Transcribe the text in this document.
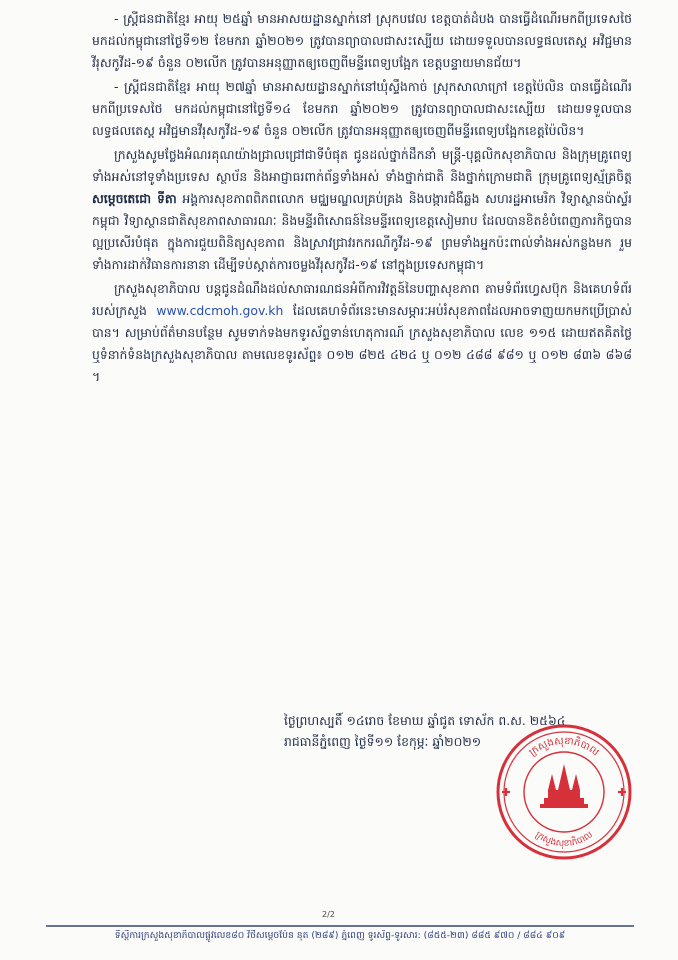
- ស្ត្រីជនជាតិខ្មែរ អាយុ ២៥ឆ្នាំ មានអាសយដ្ឋានស្នាក់នៅ ស្រុកបវេល ខេត្តបាត់ដំបង បានធ្វើដំណើរមកពីប្រទេសថៃ មកដល់កម្ពុជានៅថ្ងៃទី១២ ខែមករា ឆ្នាំ២០២១ ត្រូវបានព្យាបាលជាសះស្បើយ ដោយទទួលបានលទ្ធផលតេស្ត អវិជ្ជមានវីរុសកូវីដ-១៩ ចំនួន ០២លើក ត្រូវបានអនុញ្ញាតឲ្យចេញពីមន្ទីរពេទ្យបង្អែក ខេត្តបន្ទាយមានជ័យ។

- ស្ត្រីជនជាតិខ្មែរ អាយុ ២៧ឆ្នាំ មានអាសយដ្ឋានស្នាក់នៅឃុំស្ទឹងកាច់ ស្រុកសាលាក្រៅ ខេត្តប៉ៃលិន បានធ្វើដំណើរមកពីប្រទេសថៃ មកដល់កម្ពុជានៅថ្ងៃទី១៤ ខែមករា ឆ្នាំ២០២១ ត្រូវបានព្យាបាលជាសះស្បើយ ដោយទទួលបានលទ្ធផលតេស្ត អវិជ្ជមានវីរុសកូវីដ-១៩ ចំនួន ០២លើក ត្រូវបានអនុញ្ញាតឲ្យចេញពីមន្ទីរពេទ្យបង្អែកខេត្តប៉ៃលិន។

ក្រសួងសូមថ្លែងអំណរគុណយ៉ាងជ្រាលជ្រៅជាទីបំផុត ជូនដល់ថ្នាក់ដឹកនាំ មន្ត្រី-បុគ្គលិកសុខាភិបាល និងក្រុមគ្រូពេទ្យទាំងអស់នៅទូទាំងប្រទេស ស្ថាប័ន និងអាជ្ញាធរពាក់ព័ន្ធទាំងអស់ ទាំងថ្នាក់ជាតិ និងថ្នាក់ក្រោមជាតិ ក្រុមគ្រូពេទ្យស្ម័គ្រចិត្ត សម្តេចតេជោ ទីតា អង្គការសុខភាពពិភពលោក មជ្ឈមណ្ឌលគ្រប់គ្រង និងបង្ការជំងឺឆ្លង សហរដ្ឋអាមេរិក វិទ្យាស្ថានប៉ាស្ទ័រកម្ពុជា វិទ្យាស្ថានជាតិសុខភាពសាធារណៈ និងមន្ទីរពិសោធន៍នៃមន្ទីរពេទ្យខេត្តសៀមរាប ដែលបានខិតខំបំពេញភារកិច្ចបានល្អប្រសើរបំផុត ក្នុងការជួយពិនិត្យសុខភាព និងស្រាវជ្រាវរកករណីកូវីដ-១៩ ព្រមទាំងអ្នកប៉ះពាល់ទាំងអស់កន្លងមក រួមទាំងការដាក់វិធានការនានា ដើម្បីទប់ស្កាត់ការចម្លងវីរុសកូវីដ-១៩ នៅក្នុងប្រទេសកម្ពុជា។

ក្រសួងសុខាភិបាល បន្តជូនដំណឹងដល់សាធារណជនអំពីការវិវត្តន៍នៃបញ្ហាសុខភាព តាមទំព័រហ្វេសប៊ុក និងគេហទំព័ររបស់ក្រសួង www.cdcmoh.gov.kh ដែលគេហទំព័រនេះមានសម្ភារៈអប់រំសុខភាពដែលអាចទាញយកមកប្រើប្រាស់បាន។ សម្រាប់ព័ត៌មានបន្ថែម សូមទាក់ទងមកទូរស័ព្ទទាន់ហេតុការណ៍ ក្រសួងសុខាភិបាល លេខ ១១៥ ដោយឥតគិតថ្លៃ ឬទំនាក់ទំនងក្រសួងសុខាភិបាល តាមលេខទូរស័ព្ទ៖ ០១២ ៨២៥ ៤២៤ ឬ ០១២ ៤៨៨ ៩៨១ ឬ ០១២ ៨៣៦ ៨៦៨ ។

ថ្ងៃព្រហស្បតិ៍ ១៤រោច ខែមាឃ ឆ្នាំជូត ទោស័ក ព.ស. ២៥៦៤
រាជធានីភ្នំពេញ ថ្ងៃទី១១ ខែកុម្ភៈ ឆ្នាំ២០២១
ក្រសួងសុខាភិបាល
ក្រសួងសុខាភិបាល
2/2
ទីស្តីការក្រសួងសុខាភិបាលផ្លូវលេខ៨០ វិថីសម្តេចប៉ែន នុត (២៨៩) ភ្នំពេញ ទូរស័ព្ទ-ទូរសារ: (៨៥៥-២៣) ៨៨៥ ៩៧០ / ៨៨៤ ៩០៩
